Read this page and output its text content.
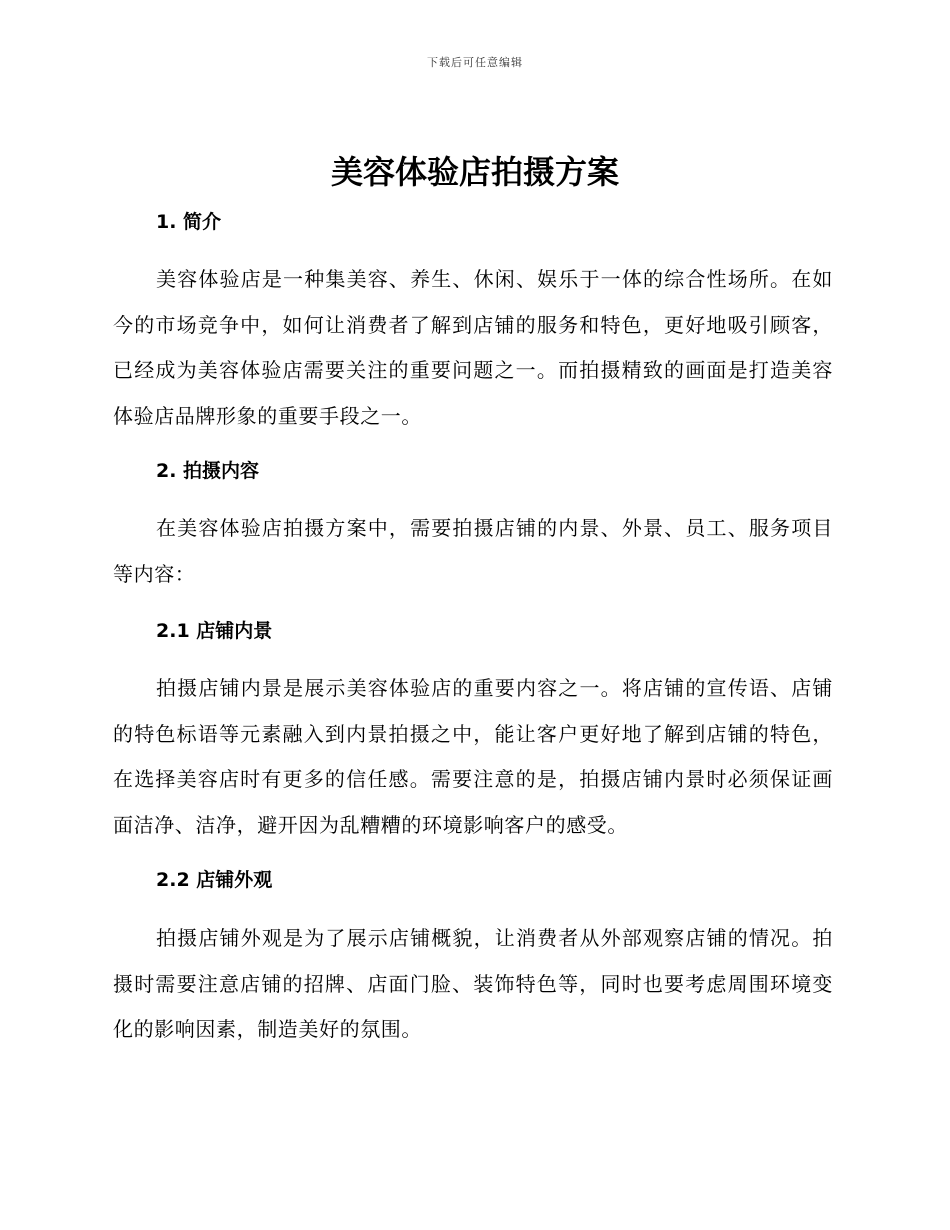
下载后可任意编辑
美容体验店拍摄方案
1. 简介

美容体验店是一种集美容、养生、休闲、娱乐于一体的综合性场所。在如今的市场竞争中，如何让消费者了解到店铺的服务和特色，更好地吸引顾客，已经成为美容体验店需要关注的重要问题之一。而拍摄精致的画面是打造美容体验店品牌形象的重要手段之一。

2. 拍摄内容

在美容体验店拍摄方案中，需要拍摄店铺的内景、外景、员工、服务项目等内容：

2.1 店铺内景

拍摄店铺内景是展示美容体验店的重要内容之一。将店铺的宣传语、店铺的特色标语等元素融入到内景拍摄之中，能让客户更好地了解到店铺的特色，在选择美容店时有更多的信任感。需要注意的是，拍摄店铺内景时必须保证画面洁净、洁净，避开因为乱糟糟的环境影响客户的感受。

2.2 店铺外观

拍摄店铺外观是为了展示店铺概貌，让消费者从外部观察店铺的情况。拍摄时需要注意店铺的招牌、店面门脸、装饰特色等，同时也要考虑周围环境变化的影响因素，制造美好的氛围。
